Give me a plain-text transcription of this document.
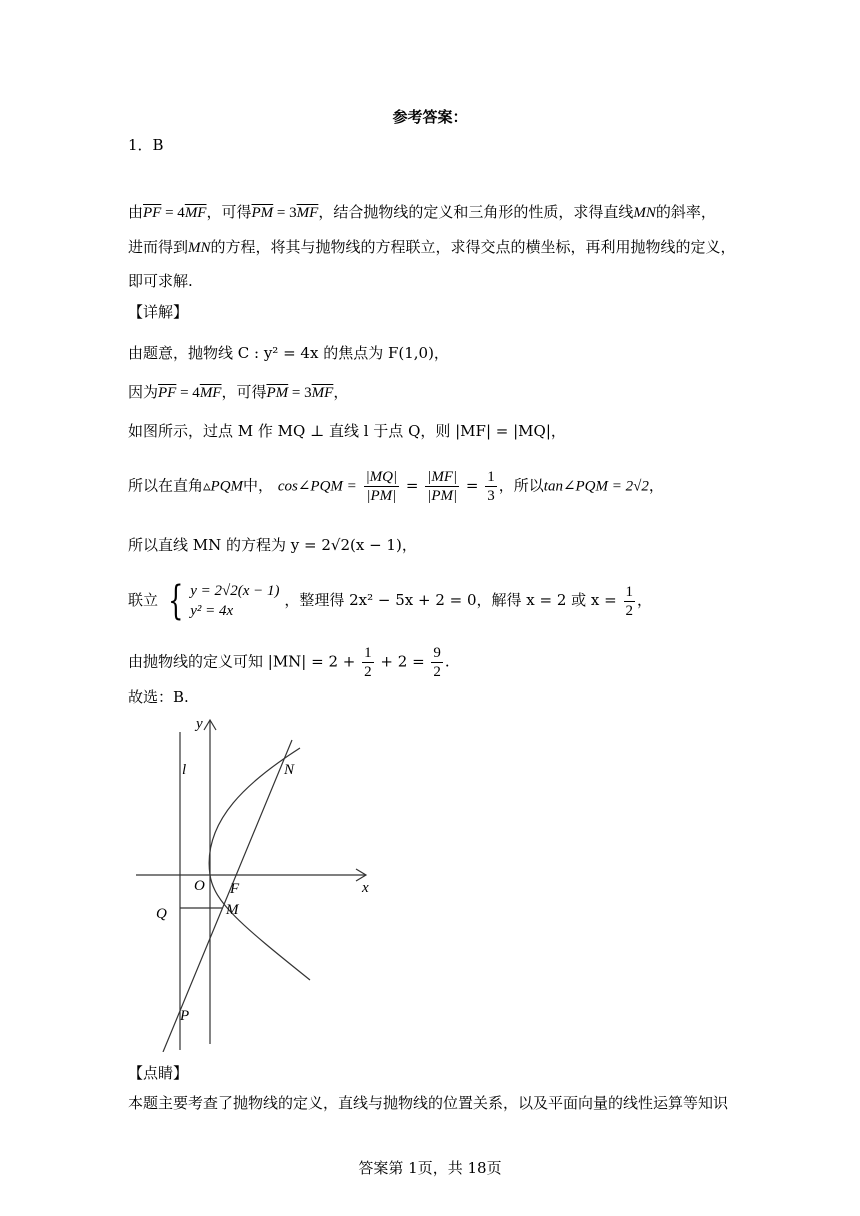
参考答案：
1．B
由$\overline{PF} = 4\overline{MF}$，可得$\overline{PM} = 3\overline{MF}$，结合抛物线的定义和三角形的性质，求得直线MN的斜率，
进而得到MN的方程，将其与抛物线的方程联立，求得交点的横坐标，再利用抛物线的定义，
即可求解.
【详解】
由题意，抛物线 C : y² = 4x 的焦点为 F(1,0)，
因为$\overline{PF} = 4\overline{MF}$，可得$\overline{PM} = 3\overline{MF}$，
如图所示，过点 M 作 MQ ⊥ 直线 l 于点 Q，则 |MF| = |MQ|，
所以在直角▵PQM中， cos∠PQM = $\frac{|MQ|}{|PM|} = \frac{|MF|}{|PM|} = \frac{1}{3}$ ，所以tan∠PQM = 2√2，
所以直线 MN 的方程为 y = 2√2(x − 1)，
联立 { y = 2√2(x − 1)
y² = 4x
，整理得 2x² − 5x + 2 = 0，解得 x = 2 或 $x = \frac{1}{2}$ ，
由抛物线的定义可知 $|MN| = 2 + \frac{1}{2} + 2 = \frac{9}{2}$ .
故选：B.
y
l	N
O F	x
Q	M
P
【点睛】
本题主要考查了抛物线的定义，直线与抛物线的位置关系，以及平面向量的线性运算等知识
答案第 1页，共 18页
